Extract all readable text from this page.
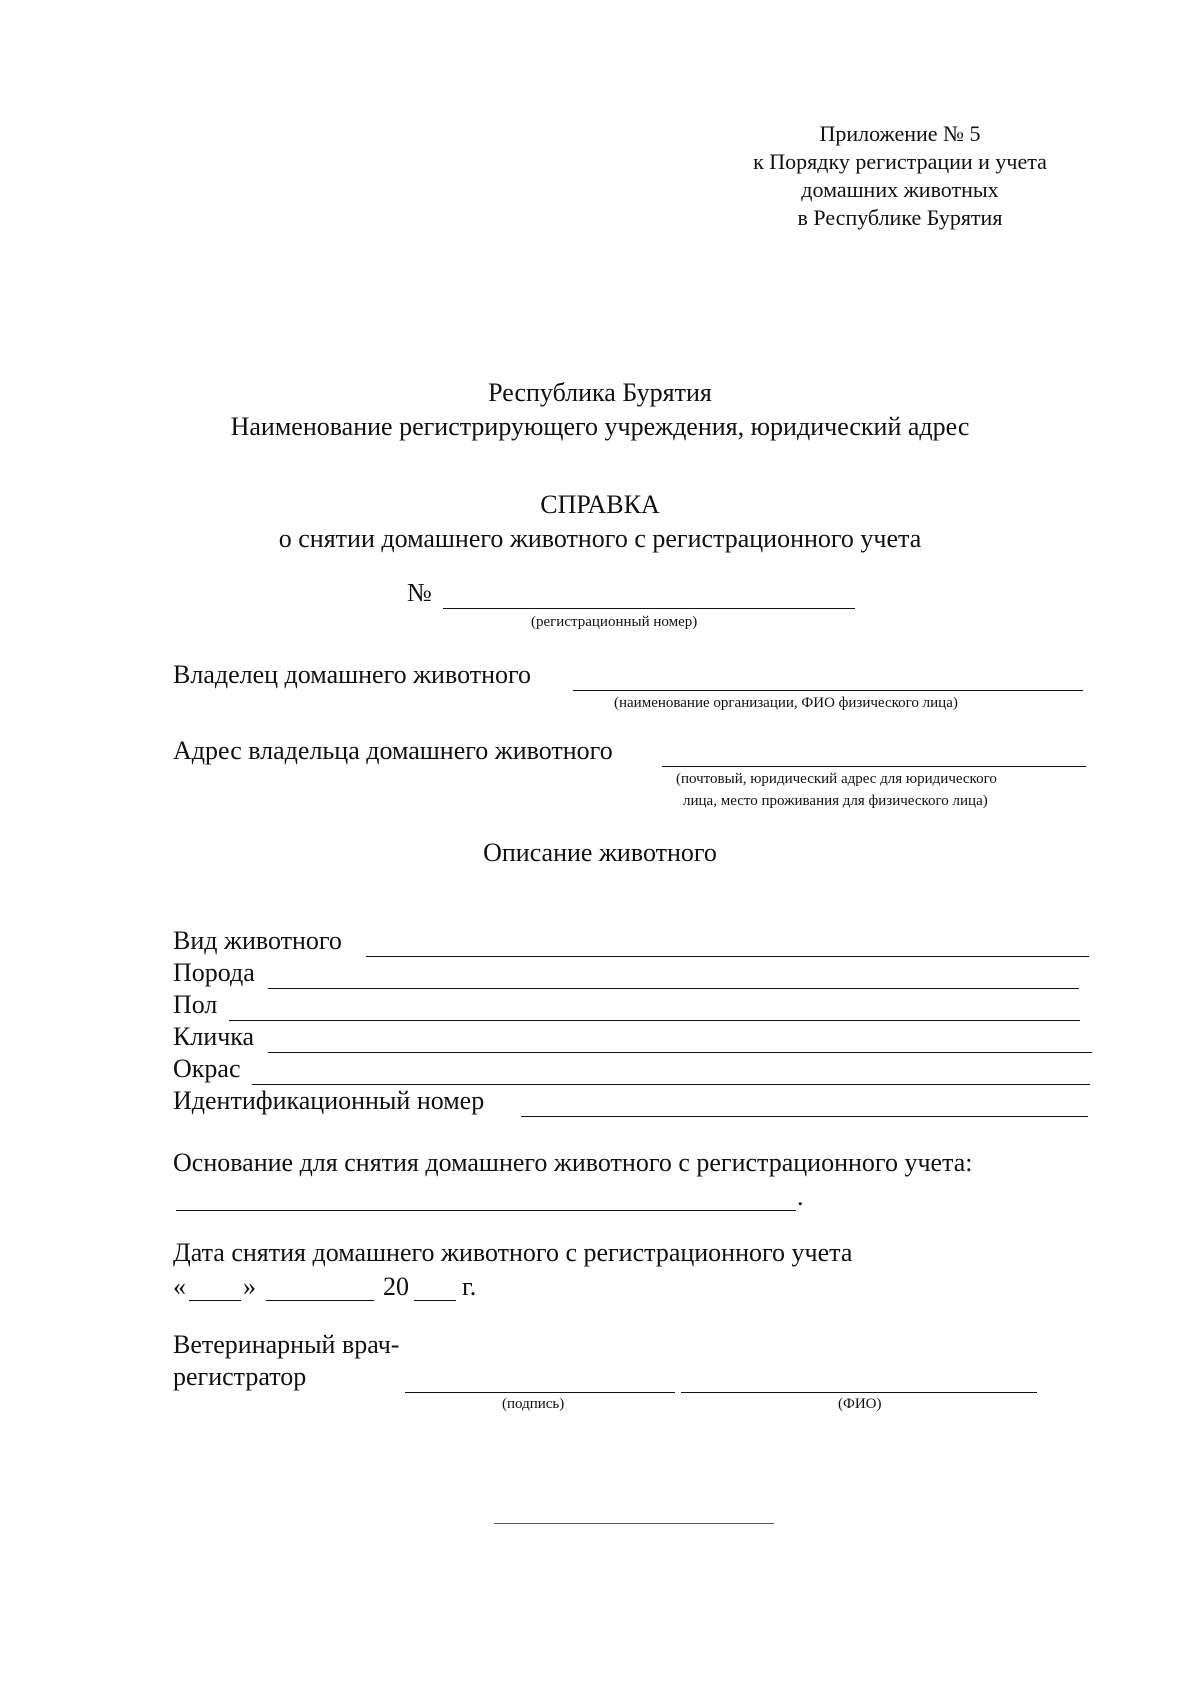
Приложение № 5
к Порядку регистрации и учета
домашних животных
в Республике Бурятия
Республика Бурятия
Наименование регистрирующего учреждения, юридический адрес
СПРАВКА
о снятии домашнего животного с регистрационного учета
№
(регистрационный номер)
Владелец домашнего животного
(наименование организации, ФИО физического лица)
Адрес владельца домашнего животного
(почтовый, юридический адрес для юридического
лица, место проживания для физического лица)
Описание животного
Вид животного
Порода
Пол
Кличка
Окрас
Идентификационный номер
Основание для снятия домашнего животного с регистрационного учета:
.
Дата снятия домашнего животного с регистрационного учета
« »	20 г.
Ветеринарный врач-
регистратор
(подпись)	(ФИО)
